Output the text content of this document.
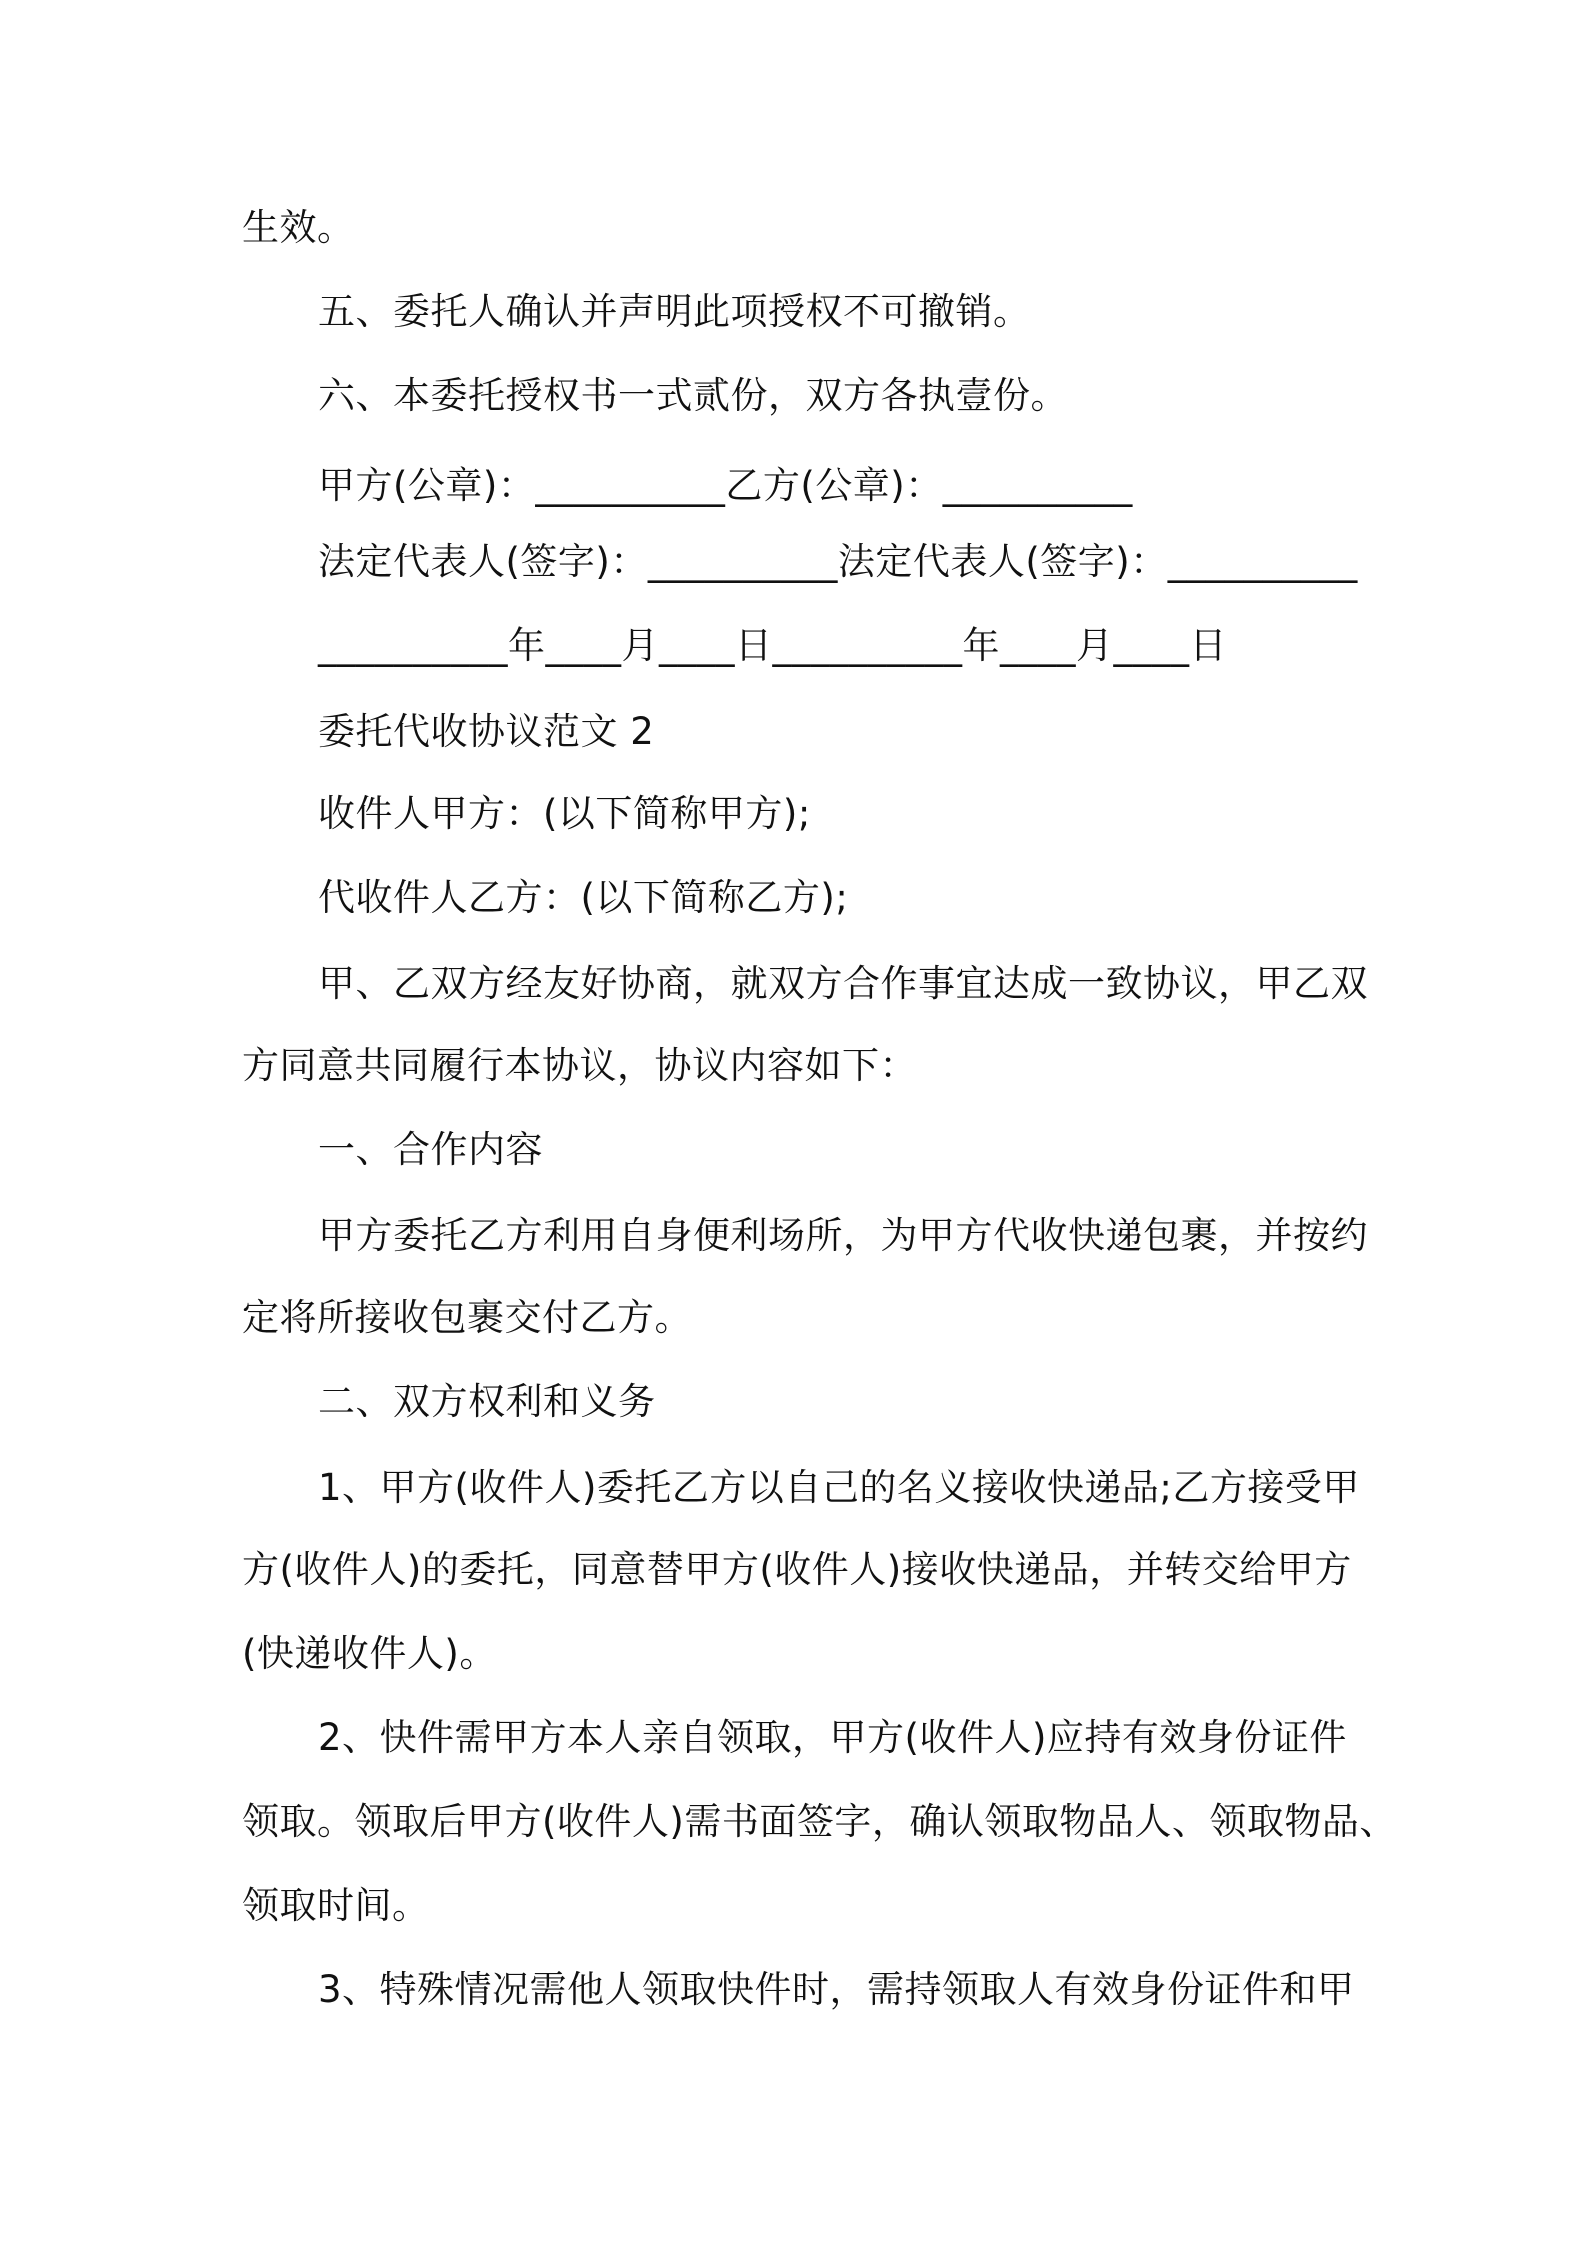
生效。
五、委托人确认并声明此项授权不可撤销。
六、本委托授权书一式贰份，双方各执壹份。
甲方(公章)：__________乙方(公章)：__________
法定代表人(签字)：__________法定代表人(签字)：__________
__________年____月____日__________年____月____日
委托代收协议范文 2
收件人甲方：(以下简称甲方);
代收件人乙方：(以下简称乙方);
甲、乙双方经友好协商，就双方合作事宜达成一致协议，甲乙双
方同意共同履行本协议，协议内容如下：
一、合作内容
甲方委托乙方利用自身便利场所，为甲方代收快递包裹，并按约
定将所接收包裹交付乙方。
二、双方权利和义务
1、甲方(收件人)委托乙方以自己的名义接收快递品;乙方接受甲
方(收件人)的委托，同意替甲方(收件人)接收快递品，并转交给甲方
(快递收件人)。
2、快件需甲方本人亲自领取，甲方(收件人)应持有效身份证件
领取。领取后甲方(收件人)需书面签字，确认领取物品人、领取物品、
领取时间。
3、特殊情况需他人领取快件时，需持领取人有效身份证件和甲
